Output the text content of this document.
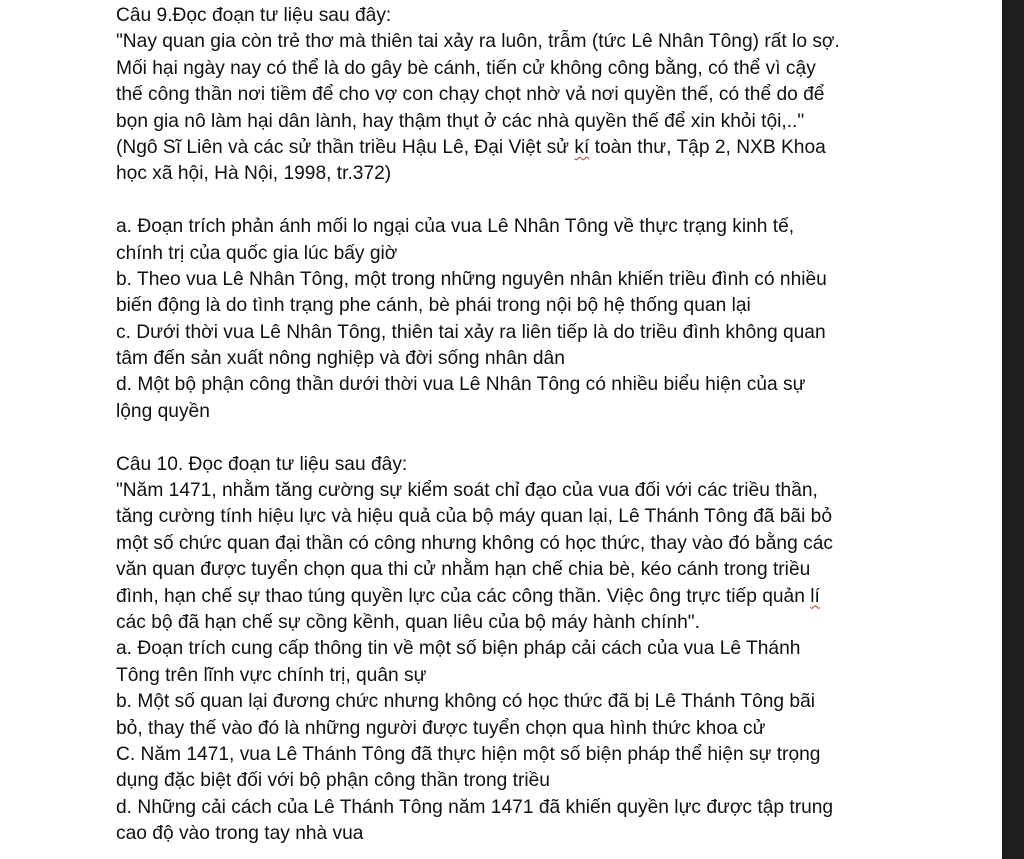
Câu 9.Đọc đoạn tư liệu sau đây:
"Nay quan gia còn trẻ thơ mà thiên tai xảy ra luôn, trẫm (tức Lê Nhân Tông) rất lo sợ.
Mối hại ngày nay có thể là do gây bè cánh, tiến cử không công bằng, có thể vì cậy
thế công thần nơi tiềm để cho vợ con chạy chọt nhờ vả nơi quyền thế, có thể do để
bọn gia nô làm hại dân lành, hay thậm thụt ở các nhà quyền thế để xin khỏi tội,.."
(Ngô Sĩ Liên và các sử thần triều Hậu Lê, Đại Việt sử kí toàn thư, Tập 2, NXB Khoa
học xã hội, Hà Nội, 1998, tr.372)
a. Đoạn trích phản ánh mối lo ngại của vua Lê Nhân Tông về thực trạng kinh tế,
chính trị của quốc gia lúc bấy giờ
b. Theo vua Lê Nhân Tông, một trong những nguyên nhân khiến triều đình có nhiều
biến động là do tình trạng phe cánh, bè phái trong nội bộ hệ thống quan lại
c. Dưới thời vua Lê Nhân Tông, thiên tai xảy ra liên tiếp là do triều đình không quan
tâm đến sản xuất nông nghiệp và đời sống nhân dân
d. Một bộ phận công thần dưới thời vua Lê Nhân Tông có nhiều biểu hiện của sự
lộng quyền
Câu 10. Đọc đoạn tư liệu sau đây:
"Năm 1471, nhằm tăng cường sự kiểm soát chỉ đạo của vua đối với các triều thần,
tăng cường tính hiệu lực và hiệu quả của bộ máy quan lại, Lê Thánh Tông đã bãi bỏ
một số chức quan đại thần có công nhưng không có học thức, thay vào đó bằng các
văn quan được tuyển chọn qua thi cử nhằm hạn chế chia bè, kéo cánh trong triều
đình, hạn chế sự thao túng quyền lực của các công thần. Việc ông trực tiếp quản lí
các bộ đã hạn chế sự cồng kềnh, quan liêu của bộ máy hành chính".
a. Đoạn trích cung cấp thông tin về một số biện pháp cải cách của vua Lê Thánh
Tông trên lĩnh vực chính trị, quân sự
b. Một số quan lại đương chức nhưng không có học thức đã bị Lê Thánh Tông bãi
bỏ, thay thế vào đó là những người được tuyển chọn qua hình thức khoa cử
C. Năm 1471, vua Lê Thánh Tông đã thực hiện một số biện pháp thể hiện sự trọng
dụng đặc biệt đối với bộ phận công thần trong triều
d. Những cải cách của Lê Thánh Tông năm 1471 đã khiến quyền lực được tập trung
cao độ vào trong tay nhà vua
